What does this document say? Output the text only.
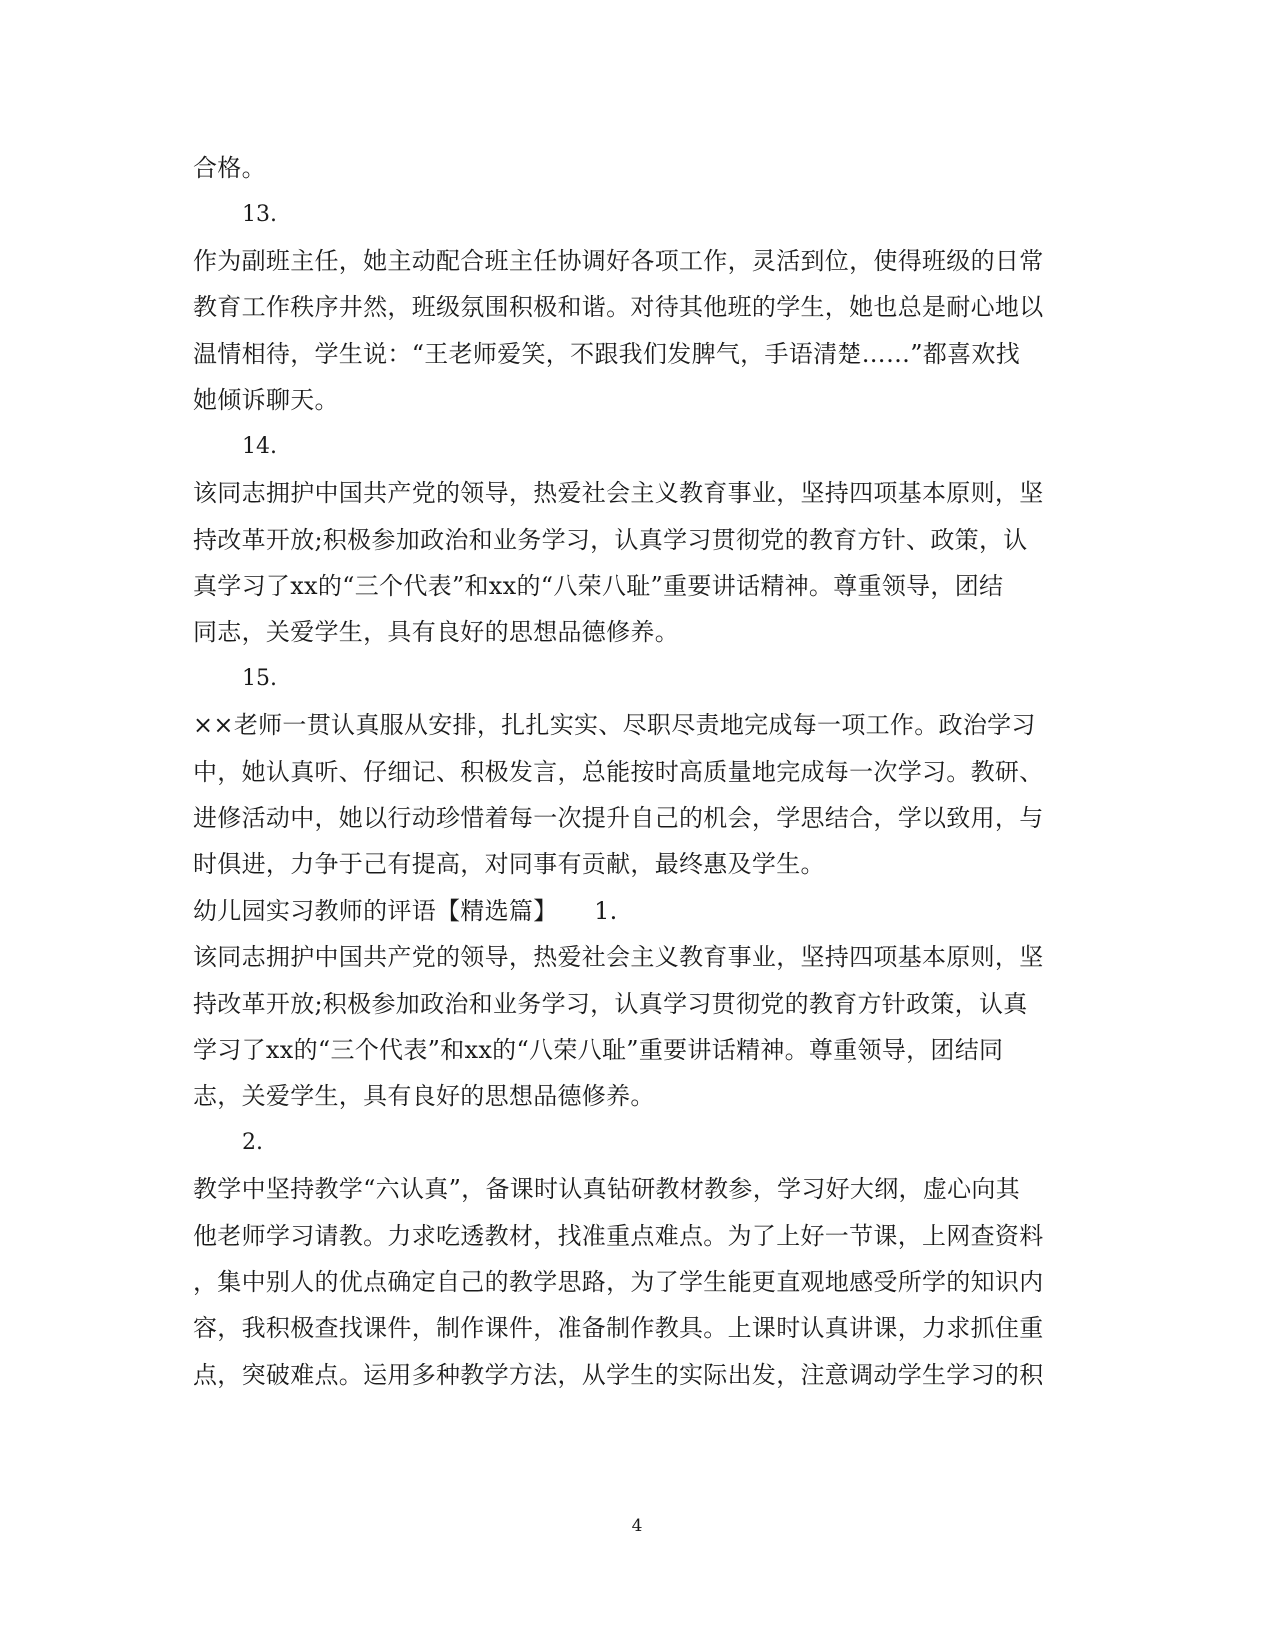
合格。
13.
作为副班主任，她主动配合班主任协调好各项工作，灵活到位，使得班级的日常
教育工作秩序井然，班级氛围积极和谐。对待其他班的学生，她也总是耐心地以
温情相待，学生说：“王老师爱笑，不跟我们发脾气，手语清楚……”都喜欢找
她倾诉聊天。
14.
该同志拥护中国共产党的领导，热爱社会主义教育事业，坚持四项基本原则，坚
持改革开放;积极参加政治和业务学习，认真学习贯彻党的教育方针、政策，认
真学习了xx的“三个代表”和xx的“八荣八耻”重要讲话精神。尊重领导，团结
同志，关爱学生，具有良好的思想品德修养。
15.
××老师一贯认真服从安排，扎扎实实、尽职尽责地完成每一项工作。政治学习
中，她认真听、仔细记、积极发言，总能按时高质量地完成每一次学习。教研、
进修活动中，她以行动珍惜着每一次提升自己的机会，学思结合，学以致用，与
时俱进，力争于己有提高，对同事有贡献，最终惠及学生。
幼儿园实习教师的评语【精选篇】　　1.
该同志拥护中国共产党的领导，热爱社会主义教育事业，坚持四项基本原则，坚
持改革开放;积极参加政治和业务学习，认真学习贯彻党的教育方针政策，认真
学习了xx的“三个代表”和xx的“八荣八耻”重要讲话精神。尊重领导，团结同
志，关爱学生，具有良好的思想品德修养。
2.
教学中坚持教学“六认真”，备课时认真钻研教材教参，学习好大纲，虚心向其
他老师学习请教。力求吃透教材，找准重点难点。为了上好一节课，上网查资料
，集中别人的优点确定自己的教学思路，为了学生能更直观地感受所学的知识内
容，我积极查找课件，制作课件，准备制作教具。上课时认真讲课，力求抓住重
点，突破难点。运用多种教学方法，从学生的实际出发，注意调动学生学习的积
4
